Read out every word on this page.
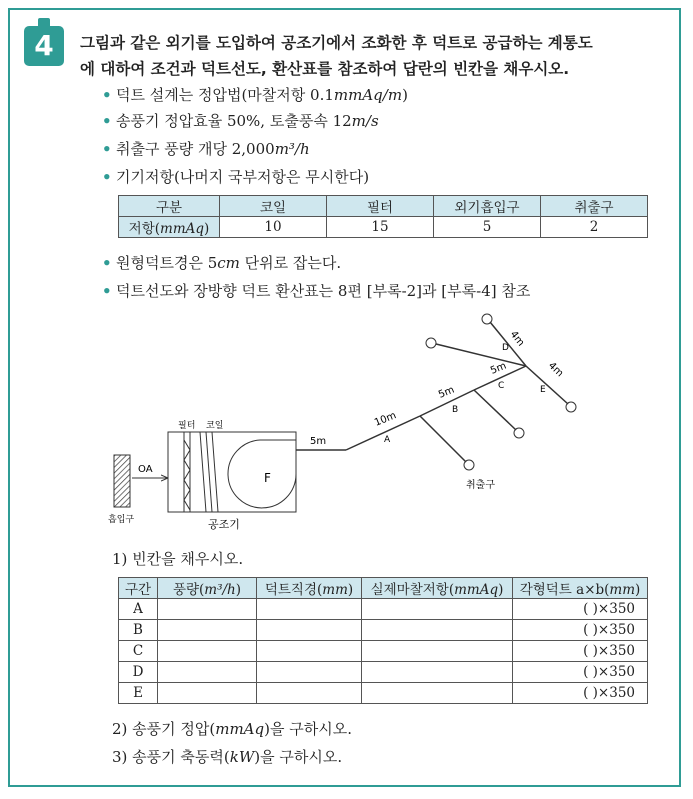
4	그림과 같은 외기를 도입하여 공조기에서 조화한 후 덕트로 공급하는 계통도
에 대하여 조건과 덕트선도, 환산표를 참조하여 답란의 빈칸을 채우시오.
• 덕트 설계는 정압법(마찰저항 0.1mmAq/m)
• 송풍기 정압효율 50%, 토출풍속 12m/s
• 취출구 풍량 개당 2,000m³/h
• 기기저항(나머지 국부저항은 무시한다)
• 원형덕트경은 5cm 단위로 잡는다.
• 덕트선도와 장방향 덕트 환산표는 8편 [부록-2]과 [부록-4] 참조
구분	코일	필터	외기흡입구	취출구
저항(mmAq)	10	15	5	2
흡입구
OA
필터 코일
F
공조기
5m
10m
A
5m
B
5m
C
취출구
4m
D
4m
E
1) 빈칸을 채우시오.
구간	풍량(m³/h)	덕트직경(mm)	실제마찰저항(mmAq)	각형덕트 a×b(mm)
A				( )×350
B				( )×350
C				( )×350
D				( )×350
E				( )×350
2) 송풍기 정압(mmAq)을 구하시오.
3) 송풍기 축동력(kW)을 구하시오.
